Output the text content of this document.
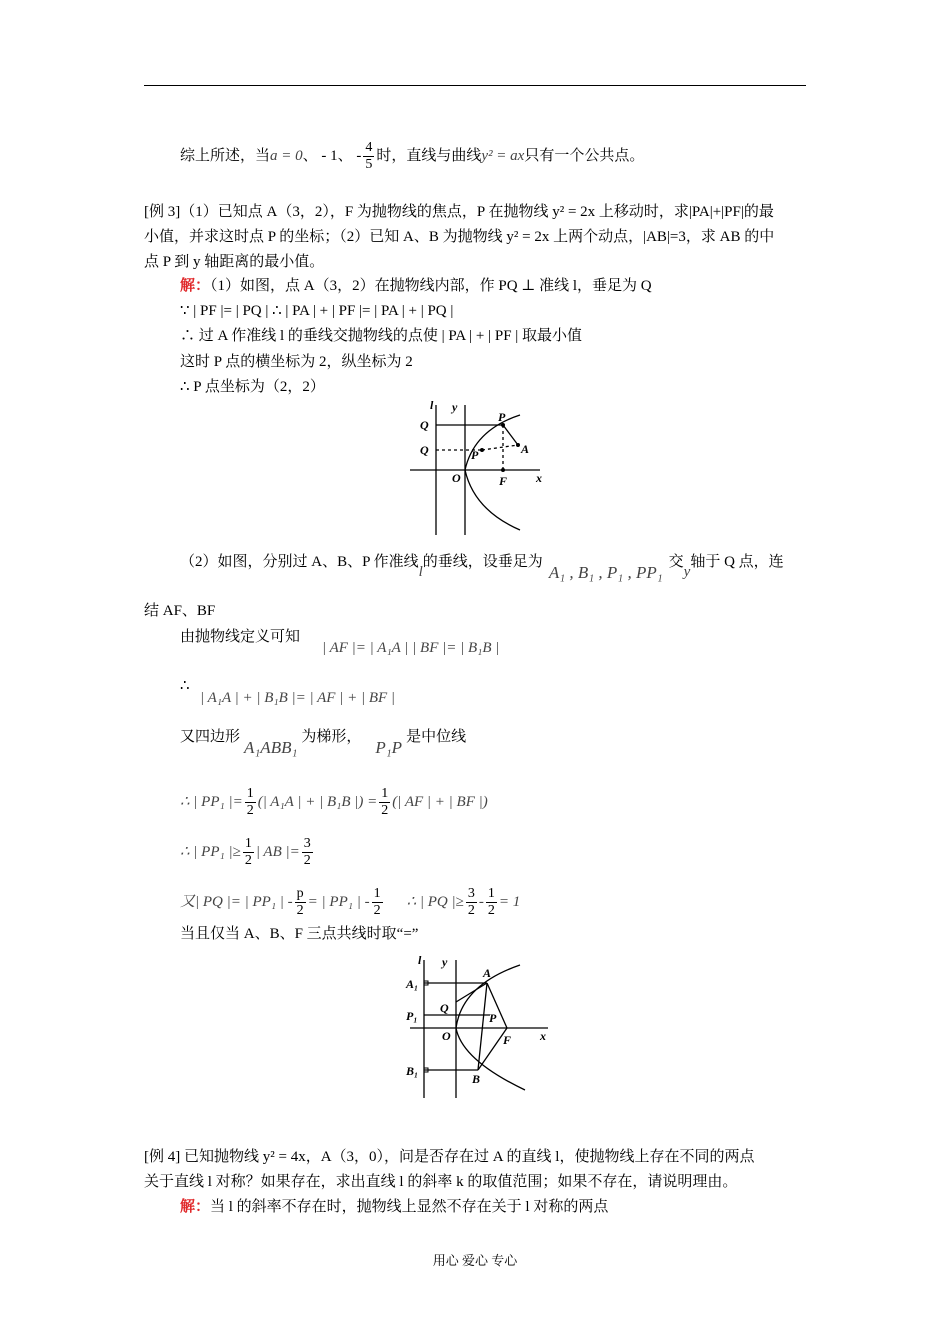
综上所述，当a = 0、 - 1、 - $\frac{4}{5}$ 时，直线与曲线y² = ax只有一个公共点。
[例 3]（1）已知点 A（3，2），F 为抛物线的焦点，P 在抛物线 y² = 2x 上移动时，求|PA|+|PF|的最
小值，并求这时点 P 的坐标；（2）已知 A、B 为抛物线 y² = 2x 上两个动点，|AB|=3，求 AB 的中
点 P 到 y 轴距离的最小值。
解：（1）如图，点 A（3，2）在抛物线内部，作 PQ ⊥ 准线 l，垂足为 Q
∵ | PF |= | PQ | ∴ | PA | + | PF |= | PA | + | PQ |
∴ 过 A 作准线 l 的垂线交抛物线的点使 | PA | + | PF | 取最小值
这时 P 点的横坐标为 2，纵坐标为 2
∴ P 点坐标为（2，2）
l y
Q
Q
P
P	A
O	F x
（2）如图，分别过 A、B、P 作准线l的垂线，设垂足为A₁ , B₁ , P₁ , PP₁交y轴于 Q 点，连
结 AF、BF
由抛物线定义可知
| AF |= | A₁A | | BF |= | B₁B |
∴
| A₁A | + | B₁B |= | AF | + | BF |
又四边形A₁ABB₁为梯形，P₁P是中位线
∴ | PP₁ |= $\frac{1}{2}$ (| A₁A | + | B₁B |) = $\frac{1}{2}$ (| AF | + | BF |)
∴ | PP₁ |≥ $\frac{1}{2}$ | AB |= $\frac{3}{2}$
又| PQ |= | PP₁ | - $\frac{p}{2}$ = | PP₁ | - $\frac{1}{2}$ ∴ | PQ |≥ $\frac{3}{2} - \frac{1}{2} = 1$
当且仅当 A、B、F 三点共线时取“=”
l y
A₁
A
Q
P₁	P
O	F x
B₁
B
[例 4] 已知抛物线 y² = 4x，A（3，0），问是否存在过 A 的直线 l，使抛物线上存在不同的两点
关于直线 l 对称？如果存在，求出直线 l 的斜率 k 的取值范围；如果不存在，请说明理由。
解：当 l 的斜率不存在时，抛物线上显然不存在关于 l 对称的两点
用心 爱心 专心
